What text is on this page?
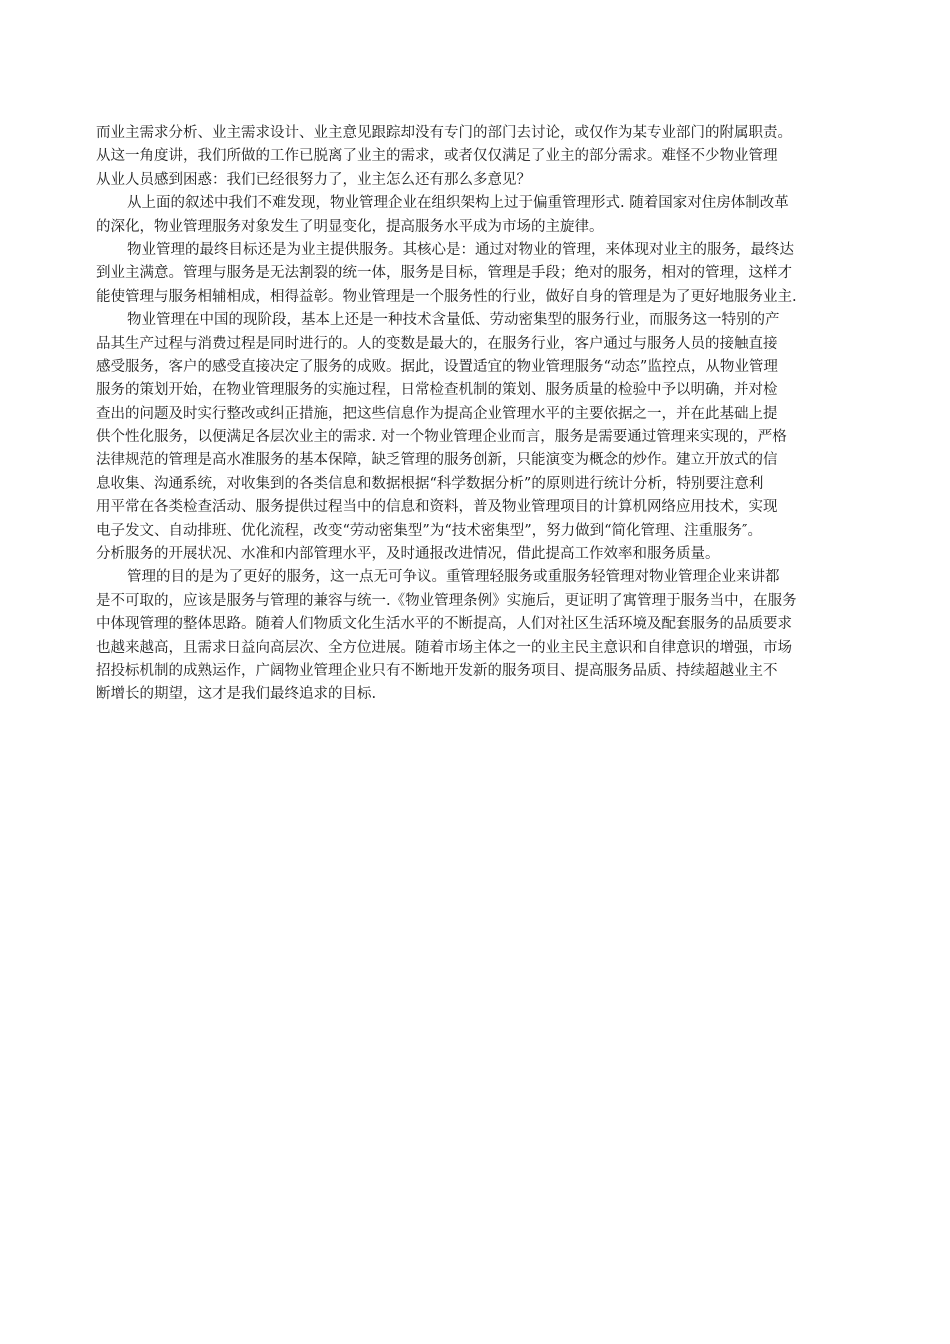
而业主需求分析、业主需求设计、业主意见跟踪却没有专门的部门去讨论，或仅作为某专业部门的附属职责。
从这一角度讲，我们所做的工作已脱离了业主的需求，或者仅仅满足了业主的部分需求。难怪不少物业管理
从业人员感到困惑：我们已经很努力了，业主怎么还有那么多意见？
从上面的叙述中我们不难发现，物业管理企业在组织架构上过于偏重管理形式. 随着国家对住房体制改革
的深化，物业管理服务对象发生了明显变化，提高服务水平成为市场的主旋律。
物业管理的最终目标还是为业主提供服务。其核心是：通过对物业的管理，来体现对业主的服务，最终达
到业主满意。管理与服务是无法割裂的统一体，服务是目标，管理是手段；绝对的服务，相对的管理，这样才
能使管理与服务相辅相成，相得益彰。物业管理是一个服务性的行业，做好自身的管理是为了更好地服务业主.
物业管理在中国的现阶段，基本上还是一种技术含量低、劳动密集型的服务行业，而服务这一特别的产
品其生产过程与消费过程是同时进行的。人的变数是最大的，在服务行业，客户通过与服务人员的接触直接
感受服务，客户的感受直接决定了服务的成败。据此，设置适宜的物业管理服务“动态”监控点，从物业管理
服务的策划开始，在物业管理服务的实施过程，日常检查机制的策划、服务质量的检验中予以明确，并对检
查出的问题及时实行整改或纠正措施，把这些信息作为提高企业管理水平的主要依据之一，并在此基础上提
供个性化服务，以便满足各层次业主的需求. 对一个物业管理企业而言，服务是需要通过管理来实现的，严格
法律规范的管理是高水准服务的基本保障，缺乏管理的服务创新，只能演变为概念的炒作。建立开放式的信
息收集、沟通系统，对收集到的各类信息和数据根据“科学数据分析”的原则进行统计分析，特别要注意利
用平常在各类检查活动、服务提供过程当中的信息和资料，普及物业管理项目的计算机网络应用技术，实现
电子发文、自动排班、优化流程，改变“劳动密集型”为“技术密集型”，努力做到“简化管理、注重服务″。
分析服务的开展状况、水准和内部管理水平，及时通报改进情况，借此提高工作效率和服务质量。
管理的目的是为了更好的服务，这一点无可争议。重管理轻服务或重服务轻管理对物业管理企业来讲都
是不可取的，应该是服务与管理的兼容与统一.《物业管理条例》实施后，更证明了寓管理于服务当中，在服务
中体现管理的整体思路。随着人们物质文化生活水平的不断提高，人们对社区生活环境及配套服务的品质要求
也越来越高，且需求日益向高层次、全方位进展。随着市场主体之一的业主民主意识和自律意识的增强，市场
招投标机制的成熟运作，广阔物业管理企业只有不断地开发新的服务项目、提高服务品质、持续超越业主不
断增长的期望，这才是我们最终追求的目标.
